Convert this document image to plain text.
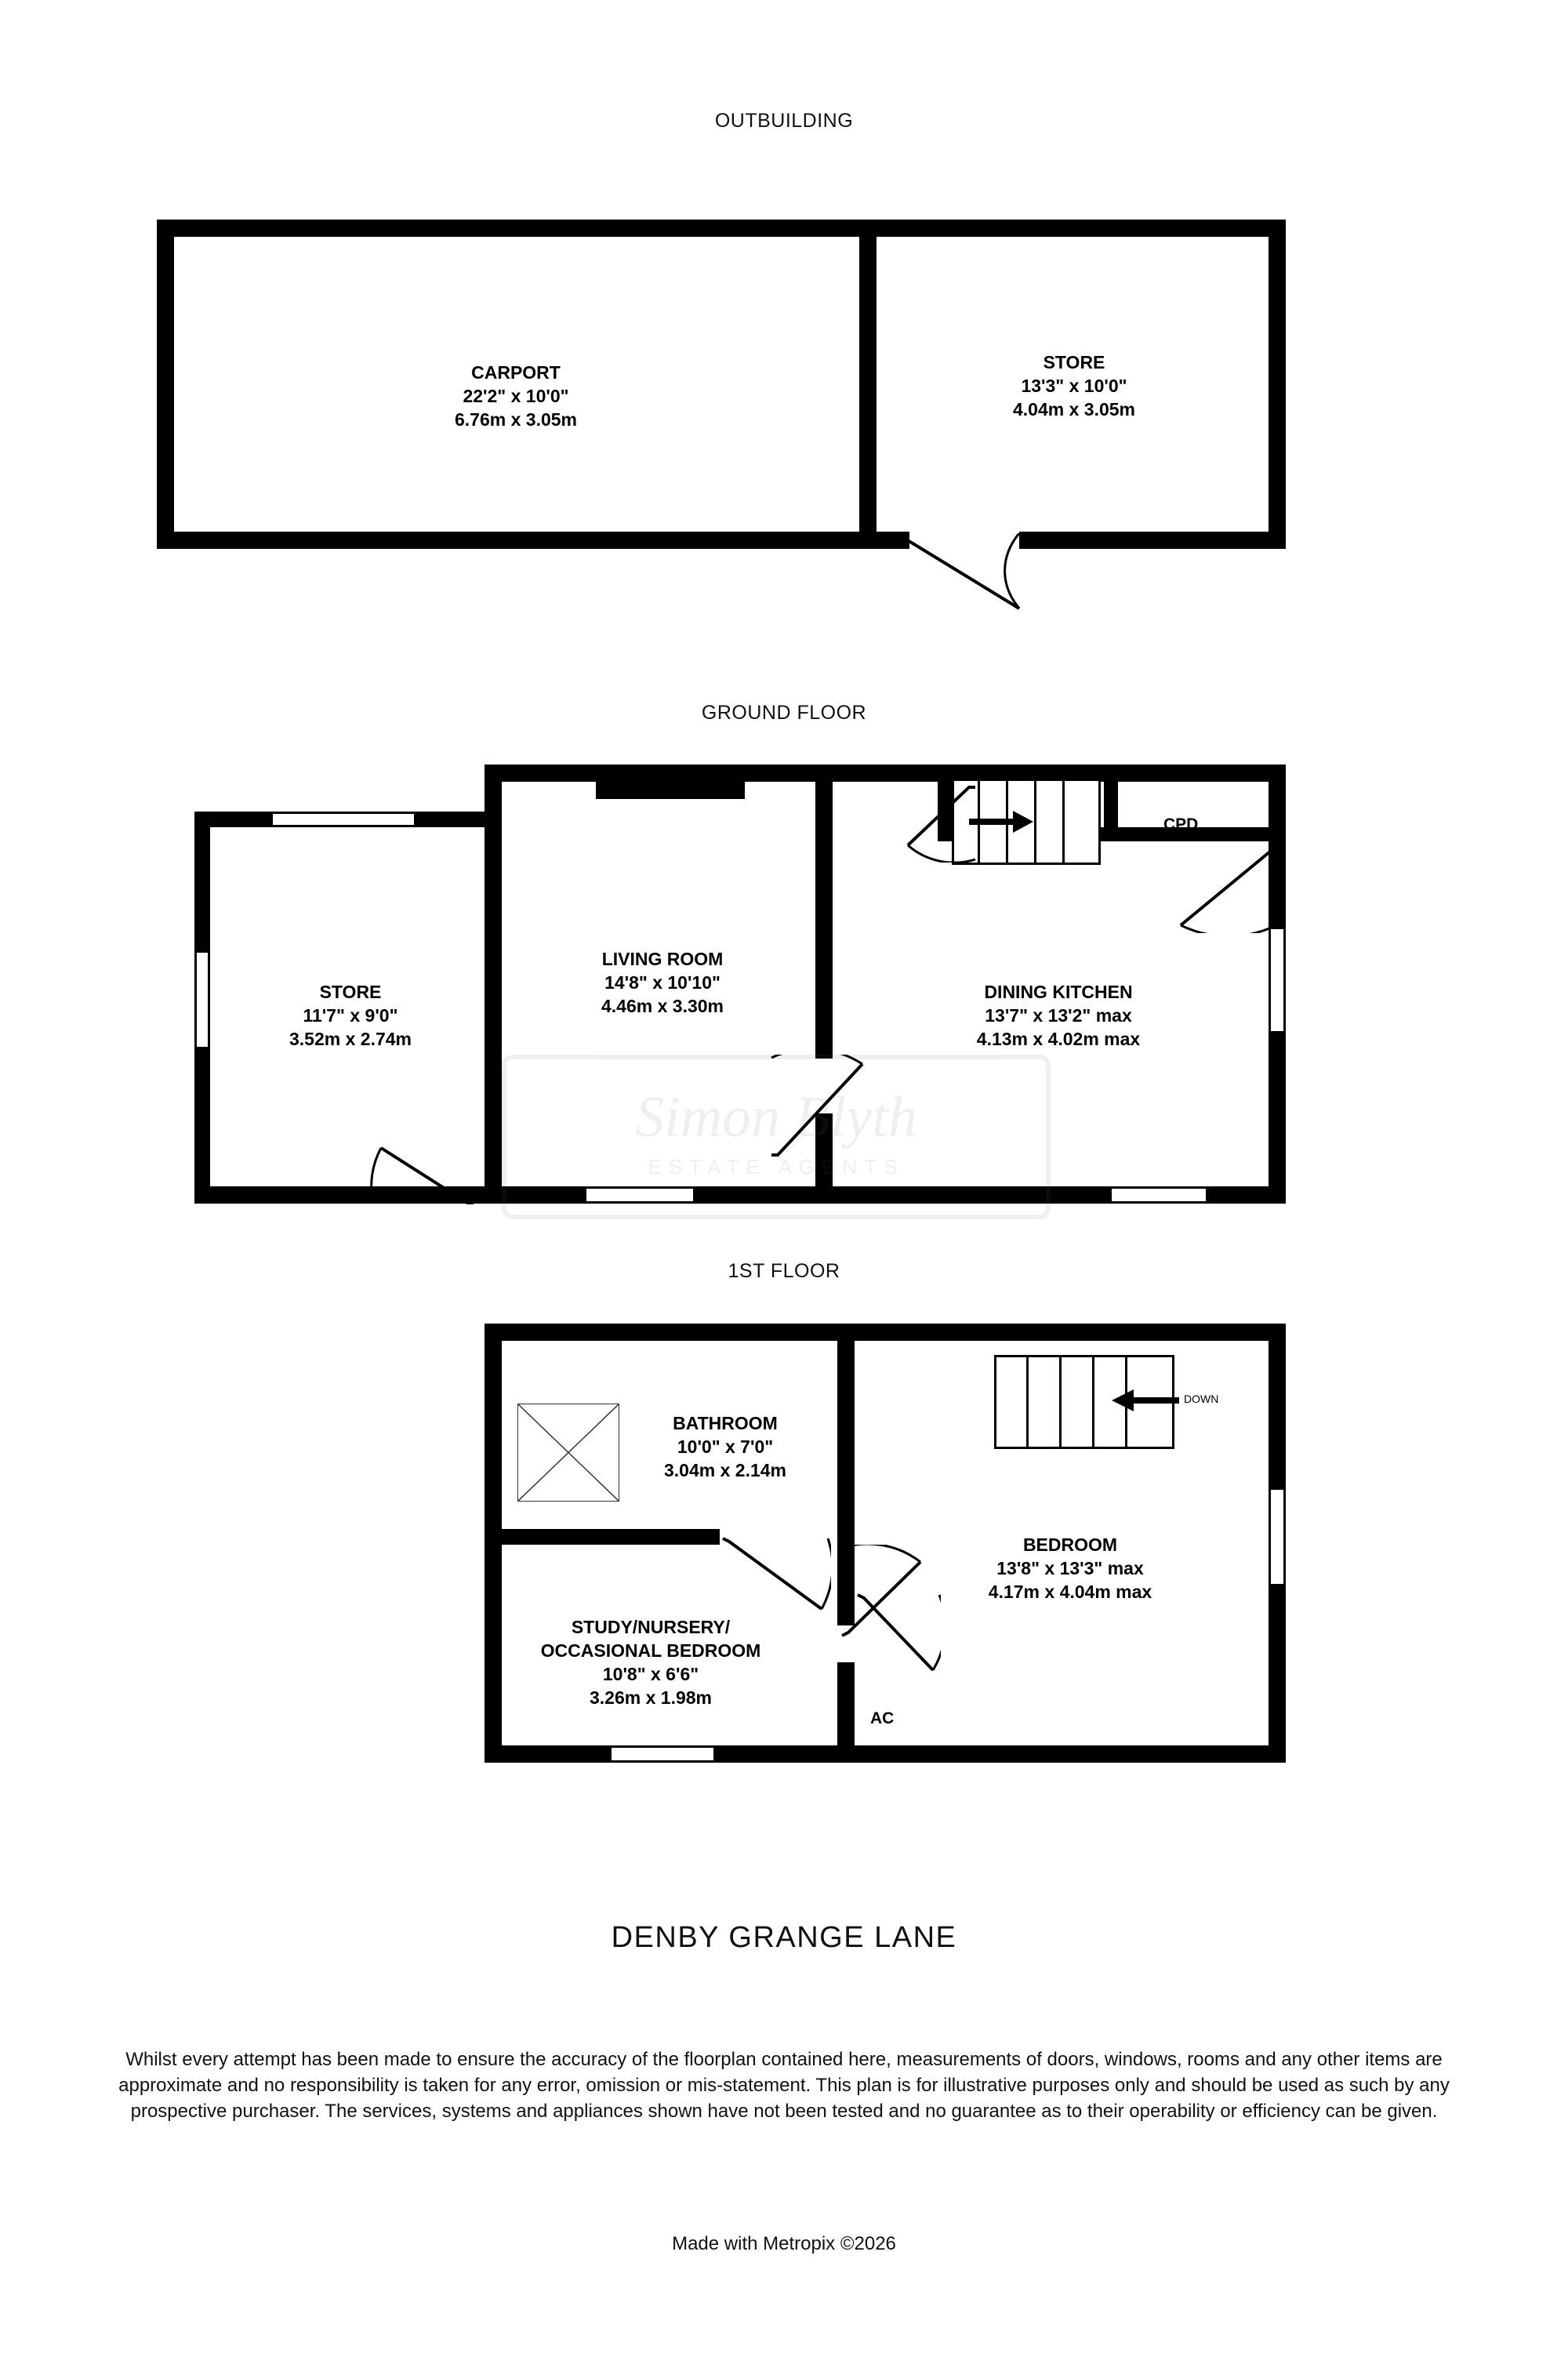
OUTBUILDING
CARPORT
22'2" x 10'0"
6.76m x 3.05m
STORE
13'3" x 10'0"
4.04m x 3.05m
GROUND FLOOR
UP	CPD
STORE
11'7" x 9'0"
3.52m x 2.74m
LIVING ROOM
14'8" x 10'10"
4.46m x 3.30m
DINING KITCHEN
13'7" x 13'2" max
4.13m x 4.02m max
Simon Blyth
ESTATE AGENTS
1ST FLOOR
DOWN
AC
BATHROOM
10'0" x 7'0"
3.04m x 2.14m
STUDY/NURSERY/
OCCASIONAL BEDROOM
10'8" x 6'6"
3.26m x 1.98m
BEDROOM
13'8" x 13'3" max
4.17m x 4.04m max
DENBY GRANGE LANE
Whilst every attempt has been made to ensure the accuracy of the floorplan contained here, measurements of doors, windows, rooms and any other items are approximate and no responsibility is taken for any error, omission or mis-statement. This plan is for illustrative purposes only and should be used as such by any prospective purchaser. The services, systems and appliances shown have not been tested and no guarantee as to their operability or efficiency can be given.
Made with Metropix ©2026
